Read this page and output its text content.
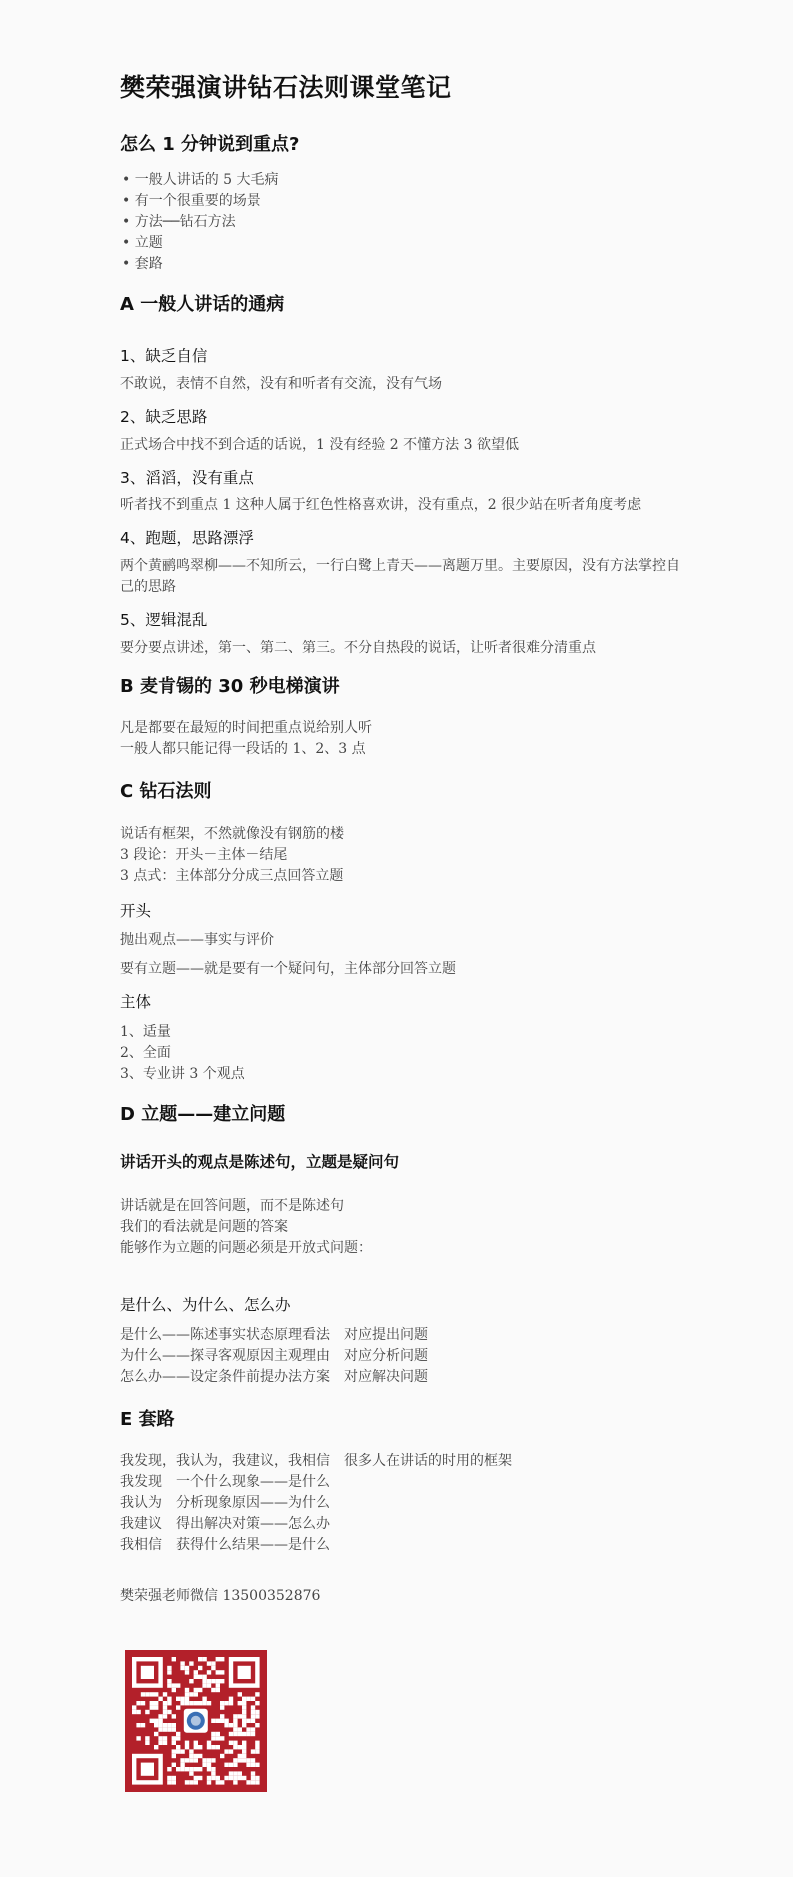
樊荣强演讲钻石法则课堂笔记
怎么 1 分钟说到重点?
• 一般人讲话的 5 大毛病
• 有一个很重要的场景
• 方法──钻石方法
• 立题
• 套路
A 一般人讲话的通病
1、缺乏自信

不敢说，表情不自然，没有和听者有交流，没有气场

2、缺乏思路

正式场合中找不到合适的话说，1 没有经验 2 不懂方法 3 欲望低

3、滔滔，没有重点

听者找不到重点 1 这种人属于红色性格喜欢讲，没有重点，2 很少站在听者角度考虑

4、跑题，思路漂浮

两个黄鹂鸣翠柳——不知所云，一行白鹭上青天——离题万里。主要原因，没有方法掌控自己的思路

5、逻辑混乱

要分要点讲述，第一、第二、第三。不分自热段的说话，让听者很难分清重点

B 麦肯锡的 30 秒电梯演讲

凡是都要在最短的时间把重点说给别人听

一般人都只能记得一段话的 1、2、3 点

C 钻石法则

说话有框架，不然就像没有钢筋的楼

3 段论：开头－主体－结尾

3 点式：主体部分分成三点回答立题

开头

抛出观点——事实与评价

要有立题——就是要有一个疑问句，主体部分回答立题

主体

1、适量

2、全面

3、专业讲 3 个观点

D 立题——建立问题
讲话开头的观点是陈述句，立题是疑问句

讲话就是在回答问题，而不是陈述句

我们的看法就是问题的答案

能够作为立题的问题必须是开放式问题：

是什么、为什么、怎么办

是什么——陈述事实状态原理看法 对应提出问题

为什么——探寻客观原因主观理由 对应分析问题

怎么办——设定条件前提办法方案 对应解决问题

E 套路

我发现，我认为，我建议，我相信 很多人在讲话的时用的框架

我发现 一个什么现象——是什么

我认为 分析现象原因——为什么

我建议 得出解决对策——怎么办

我相信 获得什么结果——是什么

樊荣强老师微信 13500352876
